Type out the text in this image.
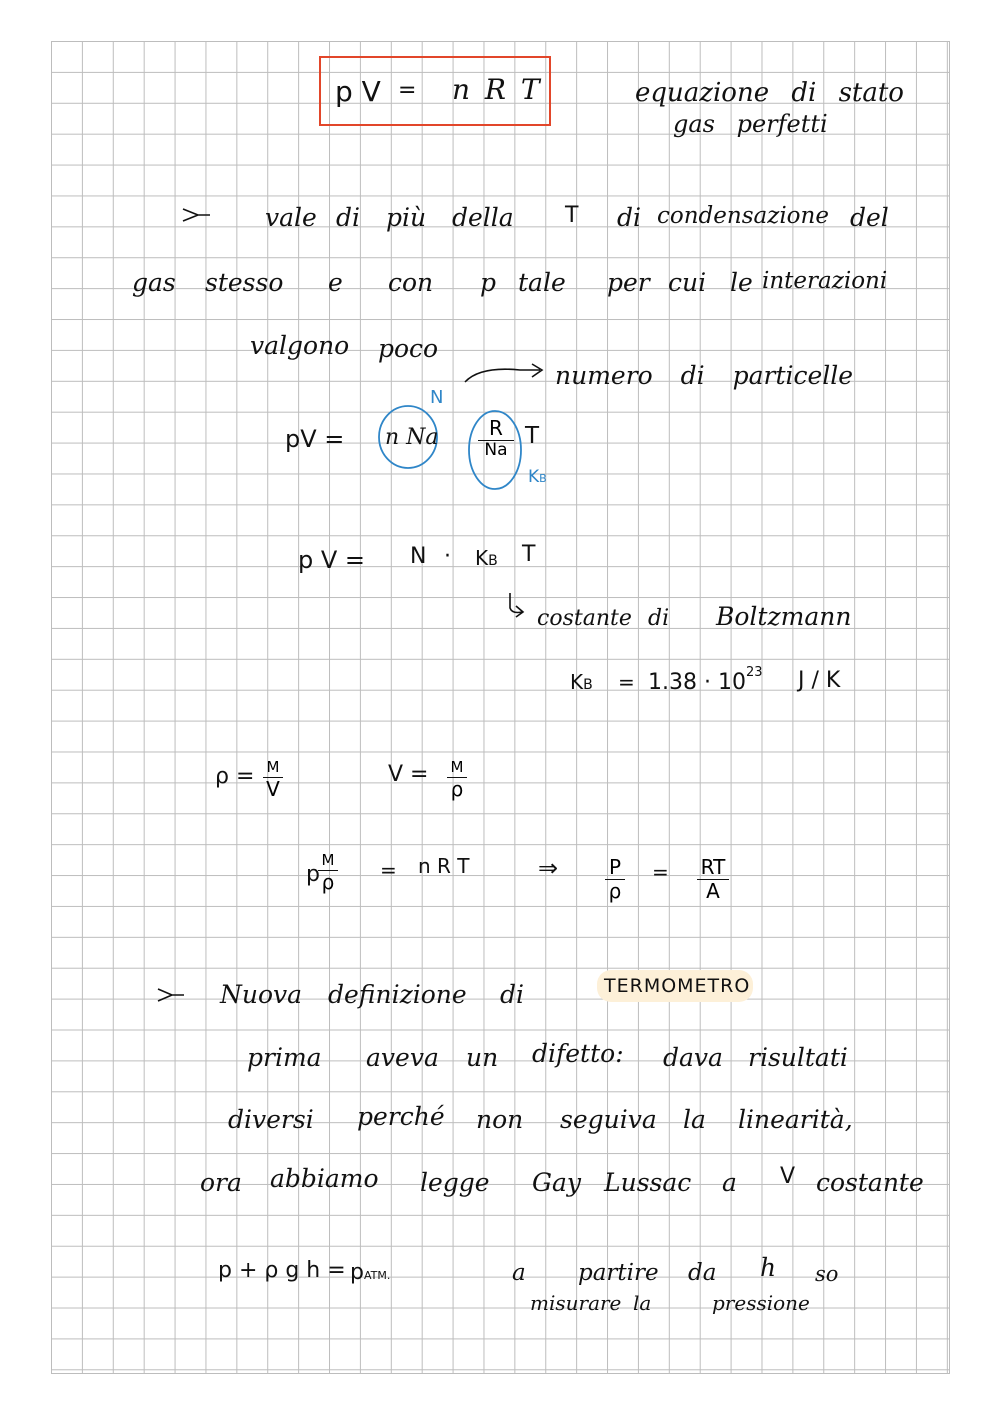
p V = n R T	equazione di stato
gas perfetti
vale di più della T di condensazione del
gas stesso e con p tale per cui le interazioni
valgono poco
numero di particelle
pV =
N
n Na	R
Na
T
KB
p V = N · KB T
costante di Boltzmann
KB = $1.38 \cdot 10^{23}$ J / K
ρ = M
V
V = M
ρ
p
M
ρ = n R T	⇒	P
ρ
= RT
A
Nuova definizione di	TERMOMETRO
prima aveva un difetto: dava risultati
diversi perché non seguiva la linearità,
ora abbiamo legge Gay Lussac a V costante
p + ρ g h = pATM.	a partire da h so
misurare la	pressione
